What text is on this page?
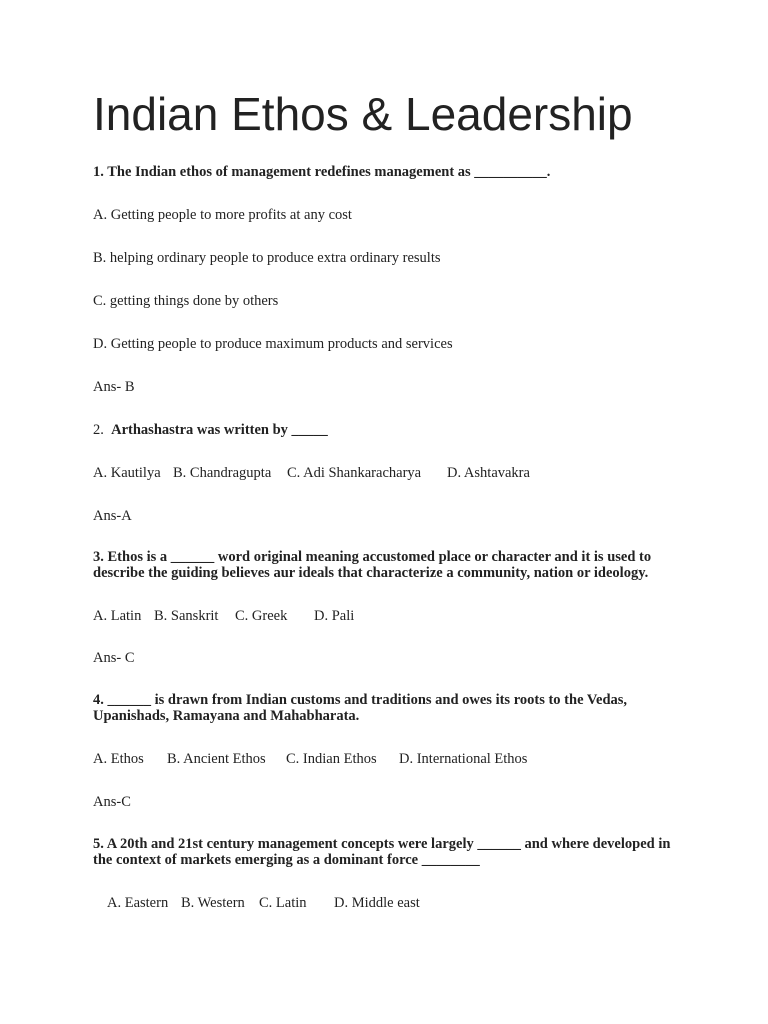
Indian Ethos & Leadership
1. The Indian ethos of management redefines management as __________.
A. Getting people to more profits at any cost
B. helping ordinary people to produce extra ordinary results
C. getting things done by others
D. Getting people to produce maximum products and services
Ans- B
2. Arthashastra was written by _____
A. Kautilya B. Chandragupta C. Adi Shankaracharya D. Ashtavakra
Ans-A
3. Ethos is a ______ word original meaning accustomed place or character and it is used to describe the guiding believes aur ideals that characterize a community, nation or ideology.
A. Latin B. Sanskrit C. Greek D. Pali
Ans- C
4. ______ is drawn from Indian customs and traditions and owes its roots to the Vedas, Upanishads, Ramayana and Mahabharata.
A. Ethos B. Ancient Ethos C. Indian Ethos D. International Ethos
Ans-C
5. A 20th and 21st century management concepts were largely ______ and where developed in the context of markets emerging as a dominant force ________
A. Eastern B. Western C. Latin D. Middle east
